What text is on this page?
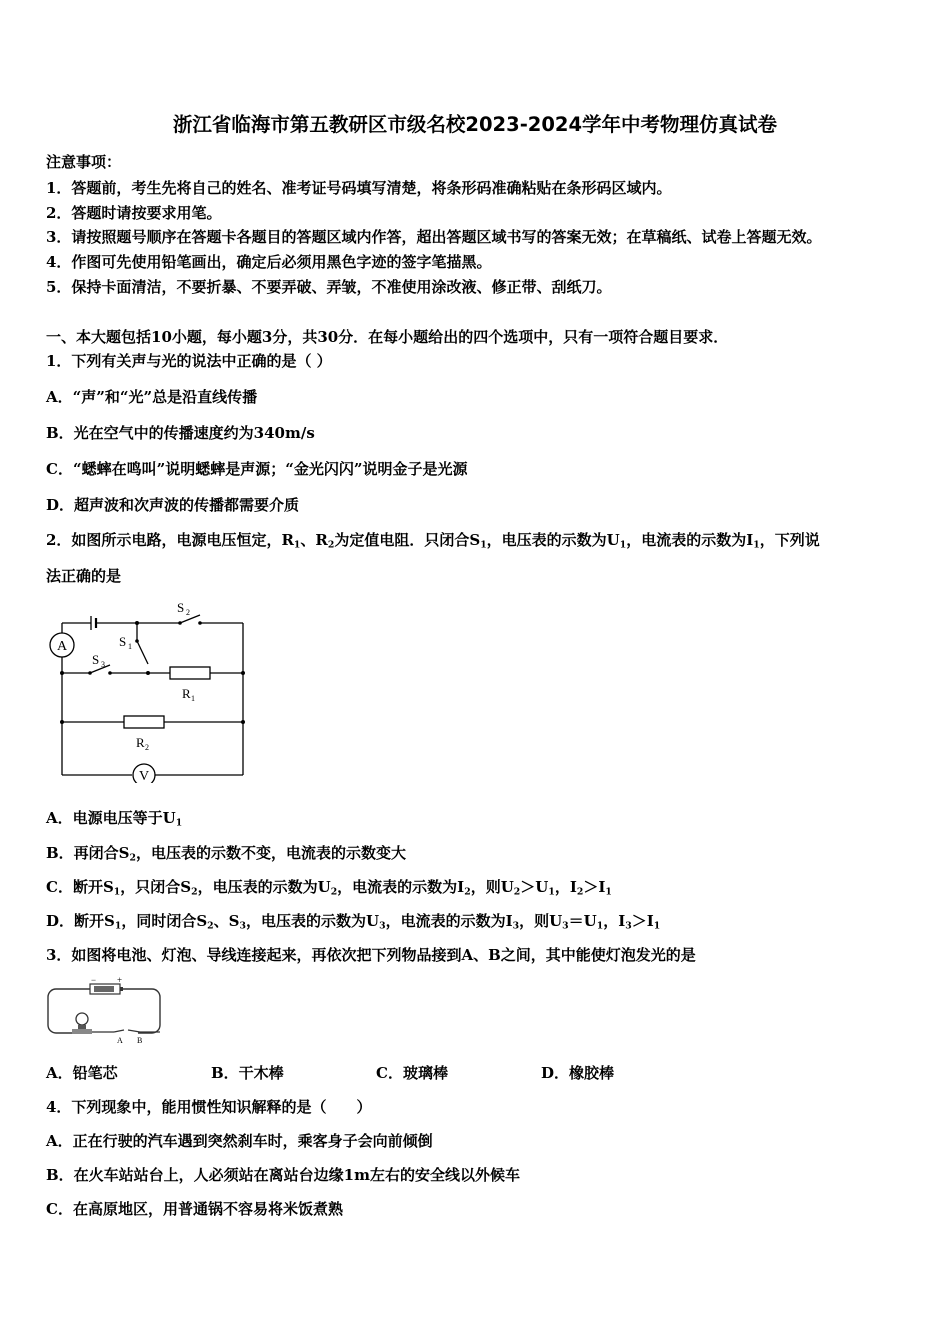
浙江省临海市第五教研区市级名校2023-2024学年中考物理仿真试卷
注意事项：
1．答题前，考生先将自己的姓名、准考证号码填写清楚，将条形码准确粘贴在条形码区域内。
2．答题时请按要求用笔。
3．请按照题号顺序在答题卡各题目的答题区域内作答，超出答题区域书写的答案无效；在草稿纸、试卷上答题无效。
4．作图可先使用铅笔画出，确定后必须用黑色字迹的签字笔描黑。
5．保持卡面清洁，不要折暴、不要弄破、弄皱，不准使用涂改液、修正带、刮纸刀。
一、本大题包括10小题，每小题3分，共30分．在每小题给出的四个选项中，只有一项符合题目要求．
1．下列有关声与光的说法中正确的是（ ）
A．“声”和“光”总是沿直线传播
B．光在空气中的传播速度约为340m/s
C．“蟋蟀在鸣叫”说明蟋蟀是声源；“金光闪闪”说明金子是光源
D．超声波和次声波的传播都需要介质
2．如图所示电路，电源电压恒定，$R_1$、$R_2$为定值电阻．只闭合$S_1$，电压表的示数为$U_1$，电流表的示数为$I_1$，下列说
法正确的是
A
V
S 2
S 1
S 3
R 1
R 2
A．电源电压等于$U_1$
B．再闭合$S_2$，电压表的示数不变，电流表的示数变大
C．断开$S_1$，只闭合$S_2$，电压表的示数为$U_2$，电流表的示数为$I_2$，则$U_2>U_1$，$I_2>I_1$
D．断开$S_1$，同时闭合$S_2$、$S_3$，电压表的示数为$U_3$，电流表的示数为$I_3$，则$U_3=U_1$，$I_3>I_1$
3．如图将电池、灯泡、导线连接起来，再依次把下列物品接到A、B之间，其中能使灯泡发光的是
− +
A B
A．铅笔芯	B．干木棒	C．玻璃棒	D．橡胶棒
4．下列现象中，能用惯性知识解释的是（　　）
A．正在行驶的汽车遇到突然刹车时，乘客身子会向前倾倒
B．在火车站站台上，人必须站在离站台边缘1m左右的安全线以外候车
C．在高原地区，用普通锅不容易将米饭煮熟
